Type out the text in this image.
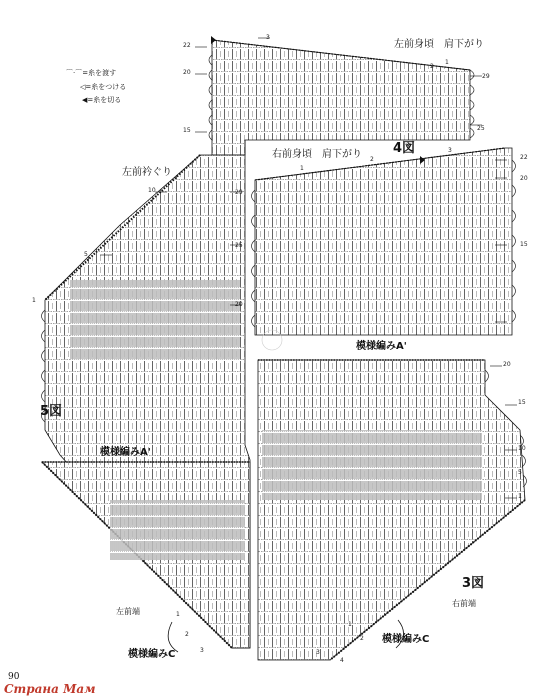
⌒·⌒=糸を渡す
◁=糸をつける
◀=糸を切る
左前身頃　肩下がり
右前身頃　肩下がり 4図
5図
3図
左前衿ぐり
模様編みA'
模様編みA'
模様編みC
模様編みC
左前端
右前端
22
20
15
3
2
1
29
25
22
20
15
3
2
1
29
25
20
10
5
1
20
15
10
5
1
1
2
3
4
1
2
3
90
Страна Мам
